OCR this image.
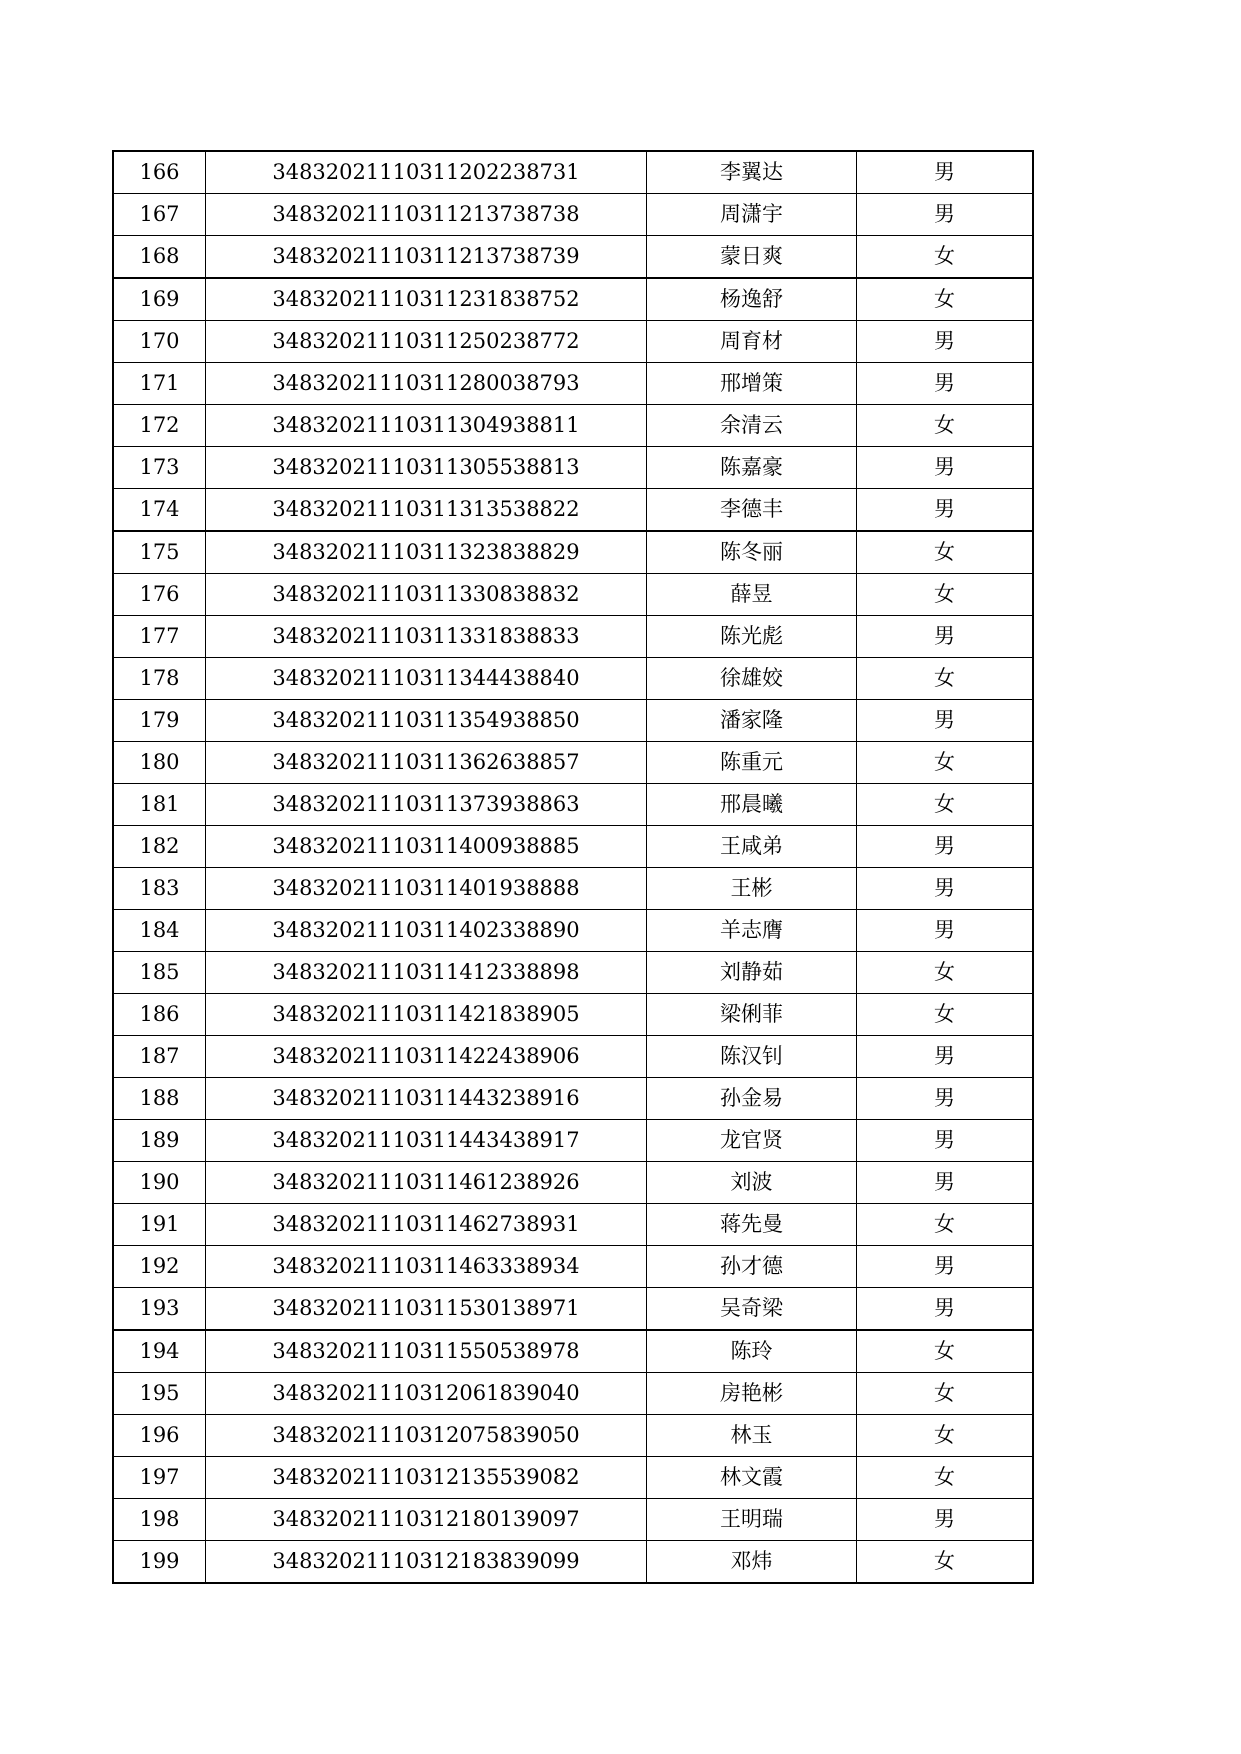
166	34832021110311202238731	李翼达	男
167	34832021110311213738738	周潇宇	男
168	34832021110311213738739	蒙日爽	女
169	34832021110311231838752	杨逸舒	女
170	34832021110311250238772	周育材	男
171	34832021110311280038793	邢增策	男
172	34832021110311304938811	余清云	女
173	34832021110311305538813	陈嘉豪	男
174	34832021110311313538822	李德丰	男
175	34832021110311323838829	陈冬丽	女
176	34832021110311330838832	薛昱	女
177	34832021110311331838833	陈光彪	男
178	34832021110311344438840	徐雄姣	女
179	34832021110311354938850	潘家隆	男
180	34832021110311362638857	陈重元	女
181	34832021110311373938863	邢晨曦	女
182	34832021110311400938885	王咸弟	男
183	34832021110311401938888	王彬	男
184	34832021110311402338890	羊志膺	男
185	34832021110311412338898	刘静茹	女
186	34832021110311421838905	梁俐菲	女
187	34832021110311422438906	陈汉钊	男
188	34832021110311443238916	孙金易	男
189	34832021110311443438917	龙官贤	男
190	34832021110311461238926	刘波	男
191	34832021110311462738931	蒋先曼	女
192	34832021110311463338934	孙才德	男
193	34832021110311530138971	吴奇梁	男
194	34832021110311550538978	陈玲	女
195	34832021110312061839040	房艳彬	女
196	34832021110312075839050	林玉	女
197	34832021110312135539082	林文霞	女
198	34832021110312180139097	王明瑞	男
199	34832021110312183839099	邓炜	女
